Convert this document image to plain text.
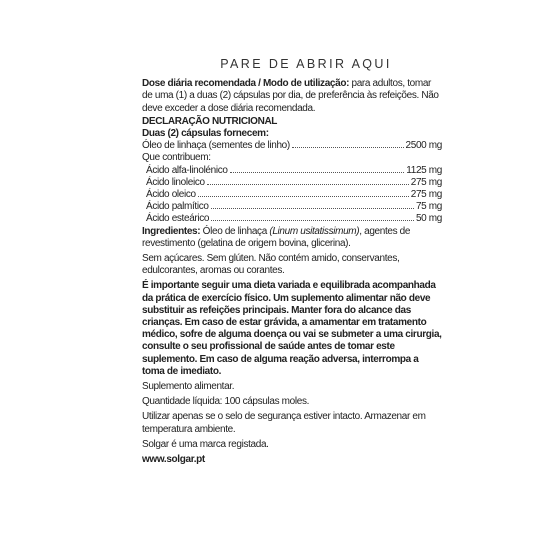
PARE DE ABRIR AQUI

Dose diária recomendada / Modo de utilização: para adultos, tomar de uma (1) a duas (2) cápsulas por dia, de preferência às refeições. Não deve exceder a dose diária recomendada.

DECLARAÇÃO NUTRICIONAL
Duas (2) cápsulas fornecem:
Óleo de linhaça (sementes de linho)	2500 mg
Que contribuem:
Ácido alfa-linolénico	1125 mg
Ácido linoleico	275 mg
Ácido oleico	275 mg
Ácido palmítico	75 mg
Ácido esteárico	50 mg

Ingredientes: Óleo de linhaça (Linum usitatissimum), agentes de revestimento (gelatina de origem bovina, glicerina).

Sem açúcares. Sem glúten. Não contém amido, conservantes, edulcorantes, aromas ou corantes.

É importante seguir uma dieta variada e equilibrada acompanhada da prática de exercício físico. Um suplemento alimentar não deve substituir as refeições principais. Manter fora do alcance das crianças. Em caso de estar grávida, a amamentar em tratamento médico, sofre de alguma doença ou vai se submeter a uma cirurgia, consulte o seu profissional de saúde antes de tomar este suplemento. Em caso de alguma reação adversa, interrompa a toma de imediato.

Suplemento alimentar.

Quantidade líquida: 100 cápsulas moles.

Utilizar apenas se o selo de segurança estiver intacto. Armazenar em temperatura ambiente.

Solgar é uma marca registada.

www.solgar.pt
